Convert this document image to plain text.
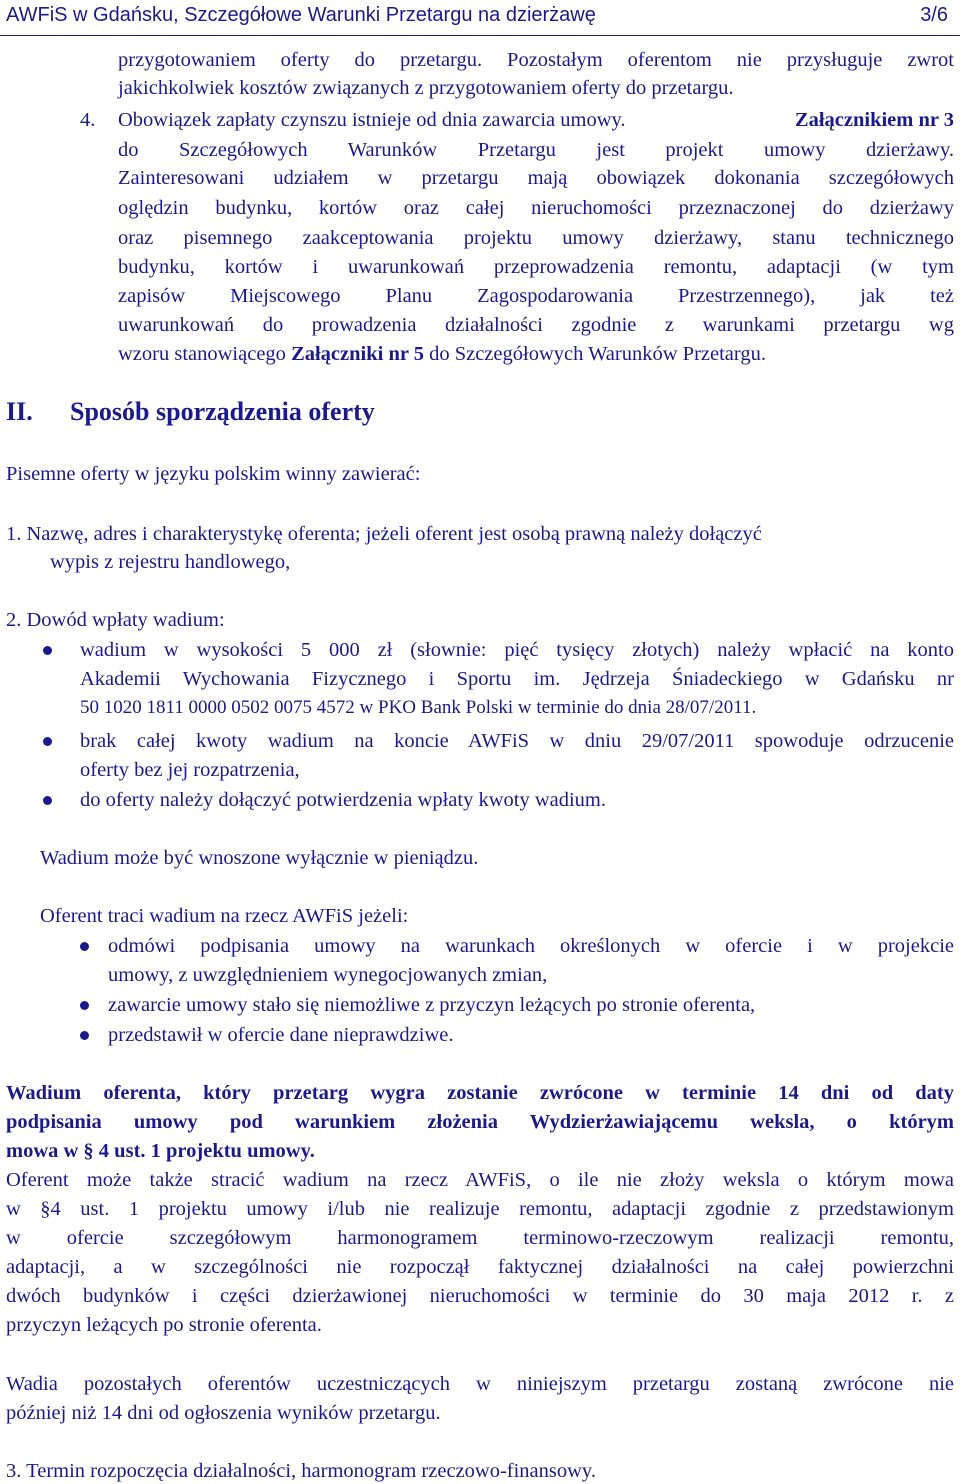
AWFiS w Gdańsku, Szczegółowe Warunki Przetargu na dzierżawę	3/6
przygotowaniem oferty do przetargu. Pozostałym oferentom nie przysługuje zwrot
jakichkolwiek kosztów związanych z przygotowaniem oferty do przetargu.
4. Obowiązek zapłaty czynszu istnieje od dnia zawarcia umowy.	Załącznikiem nr 3
do Szczegółowych Warunków Przetargu jest projekt umowy dzierżawy.
Zainteresowani udziałem w przetargu mają obowiązek dokonania szczegółowych
oględzin budynku, kortów oraz całej nieruchomości przeznaczonej do dzierżawy
oraz pisemnego zaakceptowania projektu umowy dzierżawy, stanu technicznego
budynku, kortów i uwarunkowań przeprowadzenia remontu, adaptacji (w tym
zapisów Miejscowego Planu Zagospodarowania Przestrzennego), jak też
uwarunkowań do prowadzenia działalności zgodnie z warunkami przetargu wg
wzoru stanowiącego Załączniki nr 5 do Szczegółowych Warunków Przetargu.
II. Sposób sporządzenia oferty
Pisemne oferty w języku polskim winny zawierać:
1. Nazwę, adres i charakterystykę oferenta; jeżeli oferent jest osobą prawną należy dołączyć
wypis z rejestru handlowego,
2. Dowód wpłaty wadium:
wadium w wysokości 5 000 zł (słownie: pięć tysięcy złotych) należy wpłacić na konto
Akademii Wychowania Fizycznego i Sportu im. Jędrzeja Śniadeckiego w Gdańsku nr
50 1020 1811 0000 0502 0075 4572 w PKO Bank Polski w terminie do dnia 28/07/2011.
brak całej kwoty wadium na koncie AWFiS w dniu 29/07/2011 spowoduje odrzucenie
oferty bez jej rozpatrzenia,
do oferty należy dołączyć potwierdzenia wpłaty kwoty wadium.
Wadium może być wnoszone wyłącznie w pieniądzu.
Oferent traci wadium na rzecz AWFiS jeżeli:
odmówi podpisania umowy na warunkach określonych w ofercie i w projekcie
umowy, z uwzględnieniem wynegocjowanych zmian,
zawarcie umowy stało się niemożliwe z przyczyn leżących po stronie oferenta,
przedstawił w ofercie dane nieprawdziwe.
Wadium oferenta, który przetarg wygra zostanie zwrócone w terminie 14 dni od daty
podpisania umowy pod warunkiem złożenia Wydzierżawiającemu weksla, o którym
mowa w § 4 ust. 1 projektu umowy.
Oferent może także stracić wadium na rzecz AWFiS, o ile nie złoży weksla o którym mowa
w §4 ust. 1 projektu umowy i/lub nie realizuje remontu, adaptacji zgodnie z przedstawionym
w ofercie szczegółowym harmonogramem terminowo-rzeczowym realizacji remontu,
adaptacji, a w szczególności nie rozpoczął faktycznej działalności na całej powierzchni
dwóch budynków i części dzierżawionej nieruchomości w terminie do 30 maja 2012 r. z
przyczyn leżących po stronie oferenta.
Wadia pozostałych oferentów uczestniczących w niniejszym przetargu zostaną zwrócone nie
później niż 14 dni od ogłoszenia wyników przetargu.
3. Termin rozpoczęcia działalności, harmonogram rzeczowo-finansowy.
